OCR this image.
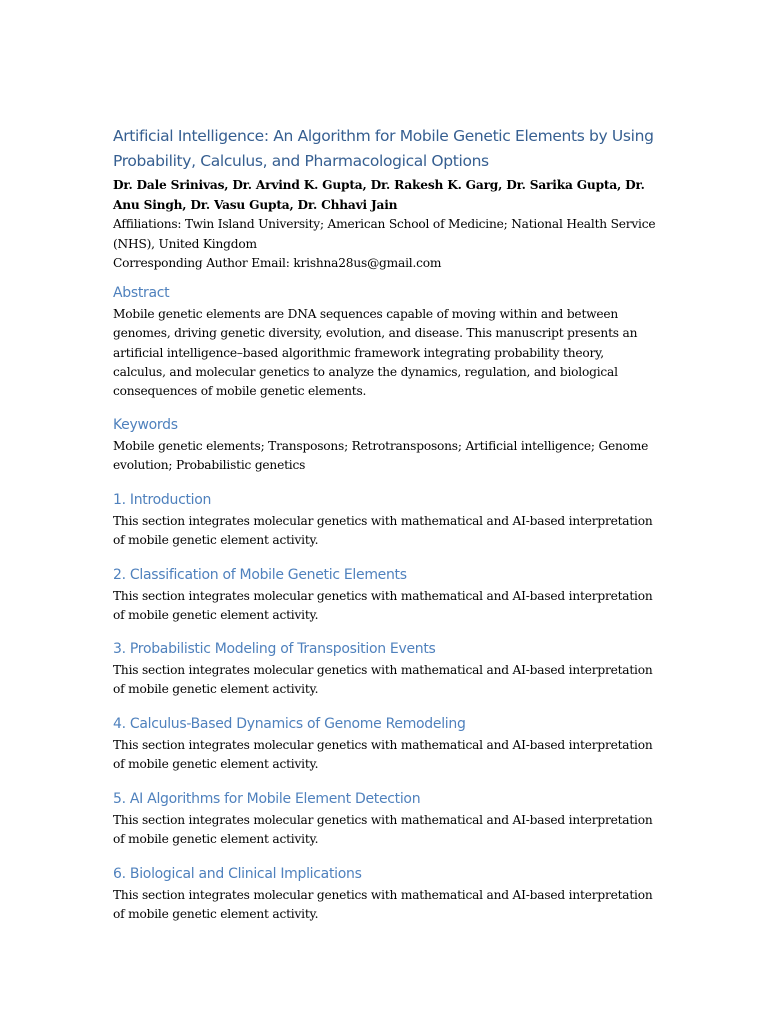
Artificial Intelligence: An Algorithm for Mobile Genetic Elements by Using Probability, Calculus, and Pharmacological Options

Dr. Dale Srinivas, Dr. Arvind K. Gupta, Dr. Rakesh K. Garg, Dr. Sarika Gupta, Dr. Anu Singh, Dr. Vasu Gupta, Dr. Chhavi Jain

Affiliations: Twin Island University; American School of Medicine; National Health Service (NHS), United Kingdom

Corresponding Author Email: krishna28us@gmail.com

Abstract

Mobile genetic elements are DNA sequences capable of moving within and between genomes, driving genetic diversity, evolution, and disease. This manuscript presents an artificial intelligence–based algorithmic framework integrating probability theory, calculus, and molecular genetics to analyze the dynamics, regulation, and biological consequences of mobile genetic elements.

Keywords

Mobile genetic elements; Transposons; Retrotransposons; Artificial intelligence; Genome evolution; Probabilistic genetics

1. Introduction

This section integrates molecular genetics with mathematical and AI-based interpretation of mobile genetic element activity.

2. Classification of Mobile Genetic Elements

This section integrates molecular genetics with mathematical and AI-based interpretation of mobile genetic element activity.

3. Probabilistic Modeling of Transposition Events

This section integrates molecular genetics with mathematical and AI-based interpretation of mobile genetic element activity.

4. Calculus-Based Dynamics of Genome Remodeling

This section integrates molecular genetics with mathematical and AI-based interpretation of mobile genetic element activity.

5. AI Algorithms for Mobile Element Detection

This section integrates molecular genetics with mathematical and AI-based interpretation of mobile genetic element activity.

6. Biological and Clinical Implications

This section integrates molecular genetics with mathematical and AI-based interpretation of mobile genetic element activity.
